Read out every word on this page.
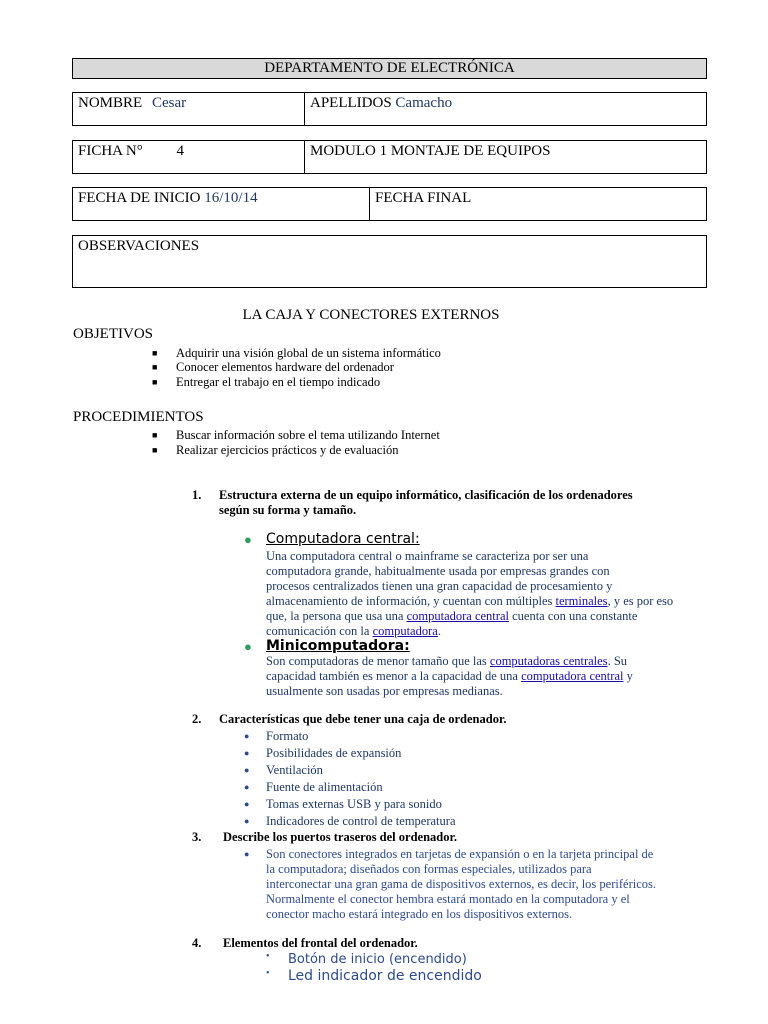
DEPARTAMENTO DE ELECTRÓNICA
NOMBRE Cesar	APELLIDOS Camacho
FICHA N° 4	MODULO 1 MONTAJE DE EQUIPOS
FECHA DE INICIO 16/10/14	FECHA FINAL
OBSERVACIONES
LA CAJA Y CONECTORES EXTERNOS
OBJETIVOS
■ Adquirir una visión global de un sistema informático
■ Conocer elementos hardware del ordenador
■ Entregar el trabajo en el tiempo indicado
PROCEDIMIENTOS
■ Buscar información sobre el tema utilizando Internet
■ Realizar ejercicios prácticos y de evaluación
1. Estructura externa de un equipo informático, clasificación de los ordenadores
según su forma y tamaño.
● Computadora central:
Una computadora central o mainframe se caracteriza por ser una
computadora grande, habitualmente usada por empresas grandes con
procesos centralizados tienen una gran capacidad de procesamiento y
almacenamiento de información, y cuentan con múltiples terminales, y es por eso
que, la persona que usa una computadora central cuenta con una constante
comunicación con la computadora.
● Minicomputadora:
Son computadoras de menor tamaño que las computadoras centrales. Su
capacidad también es menor a la capacidad de una computadora central y
usualmente son usadas por empresas medianas.
2. Características que debe tener una caja de ordenador.
● Formato
● Posibilidades de expansión
● Ventilación
● Fuente de alimentación
● Tomas externas USB y para sonido
● Indicadores de control de temperatura
3. Describe los puertos traseros del ordenador.
● Son conectores integrados en tarjetas de expansión o en la tarjeta principal de
la computadora; diseñados con formas especiales, utilizados para
interconectar una gran gama de dispositivos externos, es decir, los periféricos.
Normalmente el conector hembra estará montado en la computadora y el
conector macho estará integrado en los dispositivos externos.
4. Elementos del frontal del ordenador.
• Botón de inicio (encendido)
• Led indicador de encendido
